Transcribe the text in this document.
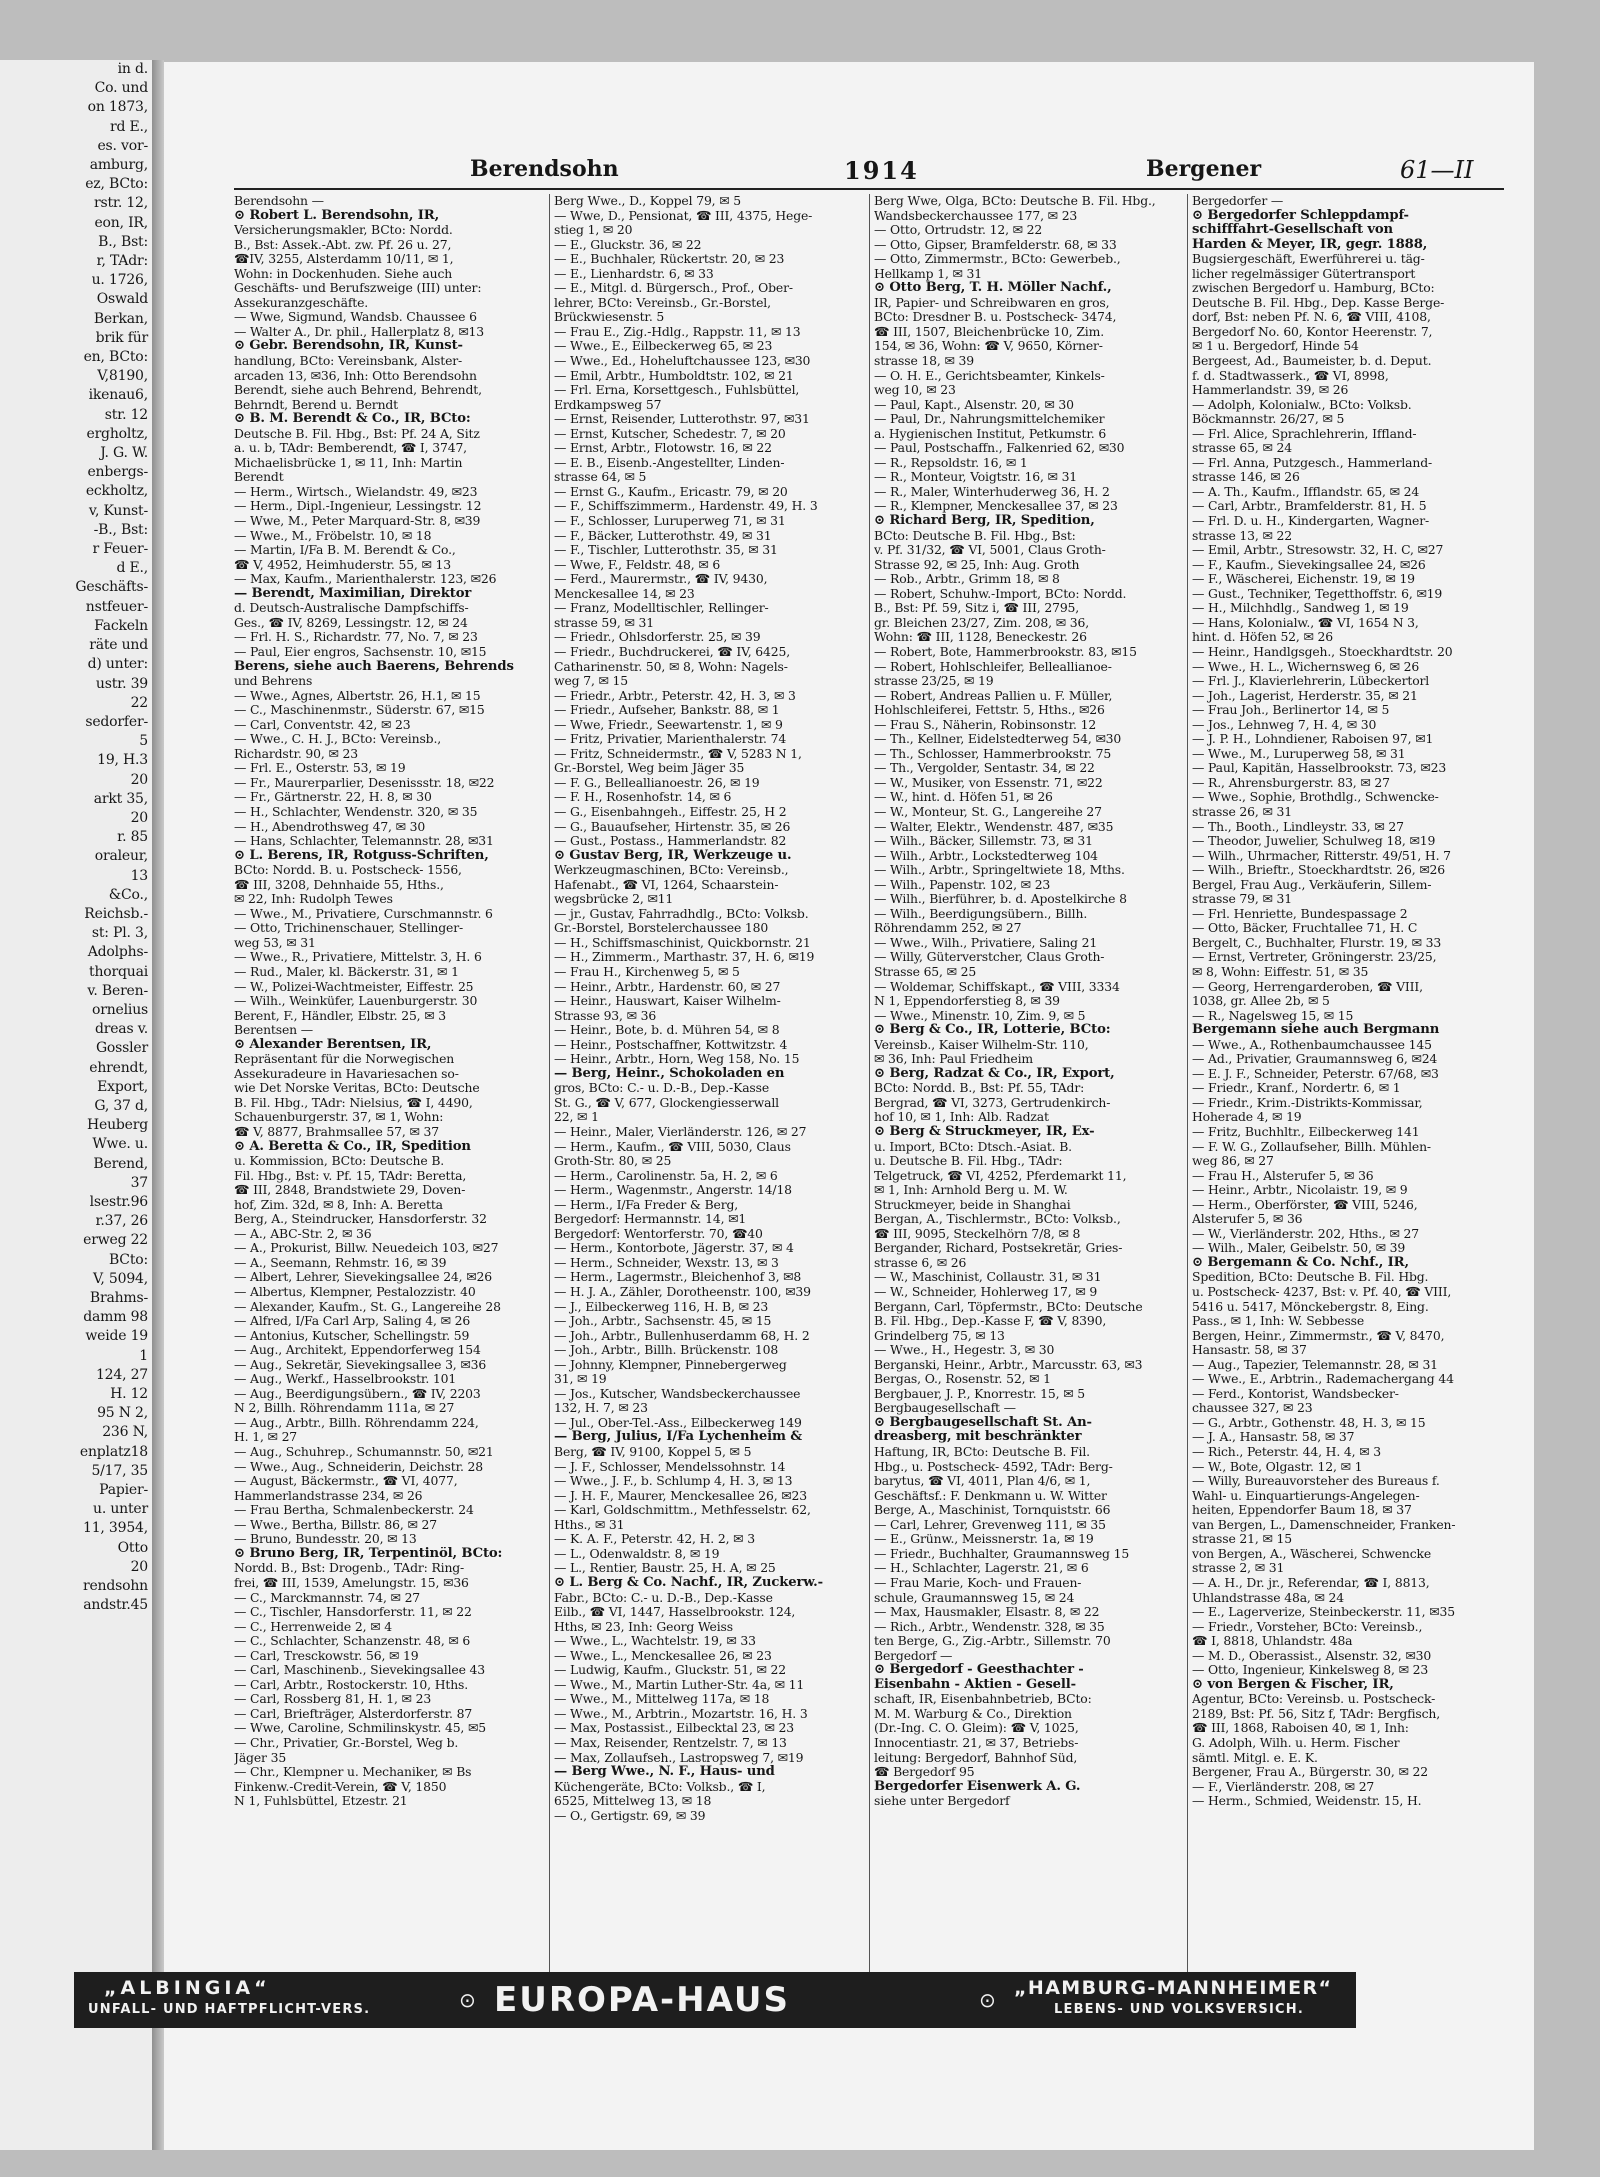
in d.
Co. und
on 1873,
rd E.,
es. vor-
amburg,
ez, BCto:
rstr. 12,
eon, IR,
B., Bst:
r, TAdr:
u. 1726,
Oswald
Berkan,
brik für
en, BCto:
V,8190,
ikenau6,
str. 12
ergholtz,
J. G. W.
enbergs-
eckholtz,
v, Kunst-
-B., Bst:
r Feuer-
d E.,
Geschäfts-
nstfeuer-
Fackeln
räte und
d) unter:
ustr. 39
22
sedorfer-
5
19, H.3
20
arkt 35,
20
r. 85
oraleur,
13
&Co.,
Reichsb.-
st: Pl. 3,
Adolphs-
thorquai
v. Beren-
ornelius
dreas v.
Gossler
ehrendt,
Export,
G, 37 d,
Heuberg
Wwe. u.
Berend,
37
lsestr.96
r.37, 26
erweg 22
BCto:
V, 5094,
Brahms-
damm 98
weide 19
1
124, 27
H. 12
95 N 2,
236 N,
enplatz18
5/17, 35
Papier-
u. unter
11, 3954,
Otto
20
rendsohn
andstr.45
Berendsohn	1914	Bergener	61—II
Berendsohn —
⊙ Robert L. Berendsohn, IR,
Versicherungsmakler, BCto: Nordd.
B., Bst: Assek.-Abt. zw. Pf. 26 u. 27,
☎IV, 3255, Alsterdamm 10/11, ✉ 1,
Wohn: in Dockenhuden. Siehe auch
Geschäfts- und Berufszweige (III) unter:
Assekuranzgeschäfte.
— Wwe, Sigmund, Wandsb. Chaussee 6
— Walter A., Dr. phil., Hallerplatz 8, ✉13
⊙ Gebr. Berendsohn, IR, Kunst-
handlung, BCto: Vereinsbank, Alster-
arcaden 13, ✉36, Inh: Otto Berendsohn
Berendt, siehe auch Behrend, Behrendt,
Behrndt, Berend u. Berndt
⊙ B. M. Berendt & Co., IR, BCto:
Deutsche B. Fil. Hbg., Bst: Pf. 24 A, Sitz
a. u. b, TAdr: Bemberendt, ☎ I, 3747,
Michaelisbrücke 1, ✉ 11, Inh: Martin
Berendt
— Herm., Wirtsch., Wielandstr. 49, ✉23
— Herm., Dipl.-Ingenieur, Lessingstr. 12
— Wwe, M., Peter Marquard-Str. 8, ✉39
— Wwe., M., Fröbelstr. 10, ✉ 18
— Martin, I/Fa B. M. Berendt & Co.,
☎ V, 4952, Heimhuderstr. 55, ✉ 13
— Max, Kaufm., Marienthalerstr. 123, ✉26
— Berendt, Maximilian, Direktor
d. Deutsch-Australische Dampfschiffs-
Ges., ☎ IV, 8269, Lessingstr. 12, ✉ 24
— Frl. H. S., Richardstr. 77, No. 7, ✉ 23
— Paul, Eier engros, Sachsenstr. 10, ✉15
Berens, siehe auch Baerens, Behrends
und Behrens
— Wwe., Agnes, Albertstr. 26, H.1, ✉ 15
— C., Maschinenmstr., Süderstr. 67, ✉15
— Carl, Conventstr. 42, ✉ 23
— Wwe., C. H. J., BCto: Vereinsb.,
Richardstr. 90, ✉ 23
— Frl. E., Osterstr. 53, ✉ 19
— Fr., Maurerparlier, Desenissstr. 18, ✉22
— Fr., Gärtnerstr. 22, H. 8, ✉ 30
— H., Schlachter, Wendenstr. 320, ✉ 35
— H., Abendrothsweg 47, ✉ 30
— Hans, Schlachter, Telemannstr. 28, ✉31
⊙ L. Berens, IR, Rotguss-Schriften,
BCto: Nordd. B. u. Postscheck- 1556,
☎ III, 3208, Dehnhaide 55, Hths.,
✉ 22, Inh: Rudolph Tewes
— Wwe., M., Privatiere, Curschmannstr. 6
— Otto, Trichinenschauer, Stellinger-
weg 53, ✉ 31
— Wwe., R., Privatiere, Mittelstr. 3, H. 6
— Rud., Maler, kl. Bäckerstr. 31, ✉ 1
— W., Polizei-Wachtmeister, Eiffestr. 25
— Wilh., Weinküfer, Lauenburgerstr. 30
Berent, F., Händler, Elbstr. 25, ✉ 3
Berentsen —
⊙ Alexander Berentsen, IR,
Repräsentant für die Norwegischen
Assekuradeure in Havariesachen so-
wie Det Norske Veritas, BCto: Deutsche
B. Fil. Hbg., TAdr: Nielsius, ☎ I, 4490,
Schauenburgerstr. 37, ✉ 1, Wohn:
☎ V, 8877, Brahmsallee 57, ✉ 37
⊙ A. Beretta & Co., IR, Spedition
u. Kommission, BCto: Deutsche B.
Fil. Hbg., Bst: v. Pf. 15, TAdr: Beretta,
☎ III, 2848, Brandstwiete 29, Doven-
hof, Zim. 32d, ✉ 8, Inh: A. Beretta
Berg, A., Steindrucker, Hansdorferstr. 32
— A., ABC-Str. 2, ✉ 36
— A., Prokurist, Billw. Neuedeich 103, ✉27
— A., Seemann, Rehmstr. 16, ✉ 39
— Albert, Lehrer, Sievekingsallee 24, ✉26
— Albertus, Klempner, Pestalozzistr. 40
— Alexander, Kaufm., St. G., Langereihe 28
— Alfred, I/Fa Carl Arp, Saling 4, ✉ 26
— Antonius, Kutscher, Schellingstr. 59
— Aug., Architekt, Eppendorferweg 154
— Aug., Sekretär, Sievekingsallee 3, ✉36
— Aug., Werkf., Hasselbrookstr. 101
— Aug., Beerdigungsübern., ☎ IV, 2203
N 2, Billh. Röhrendamm 111a, ✉ 27
— Aug., Arbtr., Billh. Röhrendamm 224,
H. 1, ✉ 27
— Aug., Schuhrep., Schumannstr. 50, ✉21
— Wwe., Aug., Schneiderin, Deichstr. 28
— August, Bäckermstr., ☎ VI, 4077,
Hammerlandstrasse 234, ✉ 26
— Frau Bertha, Schmalenbeckerstr. 24
— Wwe., Bertha, Billstr. 86, ✉ 27
— Bruno, Bundesstr. 20, ✉ 13
⊙ Bruno Berg, IR, Terpentinöl, BCto:
Nordd. B., Bst: Drogenb., TAdr: Ring-
frei, ☎ III, 1539, Amelungstr. 15, ✉36
— C., Marckmannstr. 74, ✉ 27
— C., Tischler, Hansdorferstr. 11, ✉ 22
— C., Herrenweide 2, ✉ 4
— C., Schlachter, Schanzenstr. 48, ✉ 6
— Carl, Tresckowstr. 56, ✉ 19
— Carl, Maschinenb., Sievekingsallee 43
— Carl, Arbtr., Rostockerstr. 10, Hths.
— Carl, Rossberg 81, H. 1, ✉ 23
— Carl, Briefträger, Alsterdorferstr. 87
— Wwe, Caroline, Schmilinskystr. 45, ✉5
— Chr., Privatier, Gr.-Borstel, Weg b.
Jäger 35
— Chr., Klempner u. Mechaniker, ✉ Bs
Finkenw.-Credit-Verein, ☎ V, 1850
N 1, Fuhlsbüttel, Etzestr. 21
Berg Wwe., D., Koppel 79, ✉ 5
— Wwe, D., Pensionat, ☎ III, 4375, Hege-
stieg 1, ✉ 20
— E., Gluckstr. 36, ✉ 22
— E., Buchhaler, Rückertstr. 20, ✉ 23
— E., Lienhardstr. 6, ✉ 33
— E., Mitgl. d. Bürgersch., Prof., Ober-
lehrer, BCto: Vereinsb., Gr.-Borstel,
Brückwiesenstr. 5
— Frau E., Zig.-Hdlg., Rappstr. 11, ✉ 13
— Wwe., E., Eilbeckerweg 65, ✉ 23
— Wwe., Ed., Hoheluftchaussee 123, ✉30
— Emil, Arbtr., Humboldtstr. 102, ✉ 21
— Frl. Erna, Korsettgesch., Fuhlsbüttel,
Erdkampsweg 57
— Ernst, Reisender, Lutterothstr. 97, ✉31
— Ernst, Kutscher, Schedestr. 7, ✉ 20
— Ernst, Arbtr., Flotowstr. 16, ✉ 22
— E. B., Eisenb.-Angestellter, Linden-
strasse 64, ✉ 5
— Ernst G., Kaufm., Ericastr. 79, ✉ 20
— F., Schiffszimmerm., Hardenstr. 49, H. 3
— F., Schlosser, Luruperweg 71, ✉ 31
— F., Bäcker, Lutterothstr. 49, ✉ 31
— F., Tischler, Lutterothstr. 35, ✉ 31
— Wwe, F., Feldstr. 48, ✉ 6
— Ferd., Maurermstr., ☎ IV, 9430,
Menckesallee 14, ✉ 23
— Franz, Modelltischler, Rellinger-
strasse 59, ✉ 31
— Friedr., Ohlsdorferstr. 25, ✉ 39
— Friedr., Buchdruckerei, ☎ IV, 6425,
Catharinenstr. 50, ✉ 8, Wohn: Nagels-
weg 7, ✉ 15
— Friedr., Arbtr., Peterstr. 42, H. 3, ✉ 3
— Friedr., Aufseher, Bankstr. 88, ✉ 1
— Wwe, Friedr., Seewartenstr. 1, ✉ 9
— Fritz, Privatier, Marienthalerstr. 74
— Fritz, Schneidermstr., ☎ V, 5283 N 1,
Gr.-Borstel, Weg beim Jäger 35
— F. G., Belleallianoestr. 26, ✉ 19
— F. H., Rosenhofstr. 14, ✉ 6
— G., Eisenbahngeh., Eiffestr. 25, H 2
— G., Bauaufseher, Hirtenstr. 35, ✉ 26
— Gust., Postass., Hammerlandstr. 82
⊙ Gustav Berg, IR, Werkzeuge u.
Werkzeugmaschinen, BCto: Vereinsb.,
Hafenabt., ☎ VI, 1264, Schaarstein-
wegsbrücke 2, ✉11
— jr., Gustav, Fahrradhdlg., BCto: Volksb.
Gr.-Borstel, Borstelerchaussee 180
— H., Schiffsmaschinist, Quickbornstr. 21
— H., Zimmerm., Marthastr. 37, H. 6, ✉19
— Frau H., Kirchenweg 5, ✉ 5
— Heinr., Arbtr., Hardenstr. 60, ✉ 27
— Heinr., Hauswart, Kaiser Wilhelm-
Strasse 93, ✉ 36
— Heinr., Bote, b. d. Mühren 54, ✉ 8
— Heinr., Postschaffner, Kottwitzstr. 4
— Heinr., Arbtr., Horn, Weg 158, No. 15
— Berg, Heinr., Schokoladen en
gros, BCto: C.- u. D.-B., Dep.-Kasse
St. G., ☎ V, 677, Glockengiesserwall
22, ✉ 1
— Heinr., Maler, Vierländerstr. 126, ✉ 27
— Herm., Kaufm., ☎ VIII, 5030, Claus
Groth-Str. 80, ✉ 25
— Herm., Carolinenstr. 5a, H. 2, ✉ 6
— Herm., Wagenmstr., Angerstr. 14/18
— Herm., I/Fa Freder & Berg,
Bergedorf: Hermannstr. 14, ✉1
Bergedorf: Wentorferstr. 70, ☎40
— Herm., Kontorbote, Jägerstr. 37, ✉ 4
— Herm., Schneider, Wexstr. 13, ✉ 3
— Herm., Lagermstr., Bleichenhof 3, ✉8
— H. J. A., Zähler, Dorotheenstr. 100, ✉39
— J., Eilbeckerweg 116, H. B, ✉ 23
— Joh., Arbtr., Sachsenstr. 45, ✉ 15
— Joh., Arbtr., Bullenhuserdamm 68, H. 2
— Joh., Arbtr., Billh. Brückenstr. 108
— Johnny, Klempner, Pinnebergerweg
31, ✉ 19
— Jos., Kutscher, Wandsbeckerchaussee
132, H. 7, ✉ 23
— Jul., Ober-Tel.-Ass., Eilbeckerweg 149
— Berg, Julius, I/Fa Lychenheim &
Berg, ☎ IV, 9100, Koppel 5, ✉ 5
— J. F., Schlosser, Mendelssohnstr. 14
— Wwe., J. F., b. Schlump 4, H. 3, ✉ 13
— J. H. F., Maurer, Menckesallee 26, ✉23
— Karl, Goldschmittm., Methfesselstr. 62,
Hths., ✉ 31
— K. A. F., Peterstr. 42, H. 2, ✉ 3
— L., Odenwaldstr. 8, ✉ 19
— L., Rentier, Baustr. 25, H. A, ✉ 25
⊙ L. Berg & Co. Nachf., IR, Zuckerw.-
Fabr., BCto: C.- u. D.-B., Dep.-Kasse
Eilb., ☎ VI, 1447, Hasselbrookstr. 124,
Hths, ✉ 23, Inh: Georg Weiss
— Wwe., L., Wachtelstr. 19, ✉ 33
— Wwe., L., Menckesallee 26, ✉ 23
— Ludwig, Kaufm., Gluckstr. 51, ✉ 22
— Wwe., M., Martin Luther-Str. 4a, ✉ 11
— Wwe., M., Mittelweg 117a, ✉ 18
— Wwe., M., Arbtrin., Mozartstr. 16, H. 3
— Max, Postassist., Eilbecktal 23, ✉ 23
— Max, Reisender, Rentzelstr. 7, ✉ 13
— Max, Zollaufseh., Lastropsweg 7, ✉19
— Berg Wwe., N. F., Haus- und
Küchengeräte, BCto: Volksb., ☎ I,
6525, Mittelweg 13, ✉ 18
— O., Gertigstr. 69, ✉ 39
Berg Wwe, Olga, BCto: Deutsche B. Fil. Hbg.,
Wandsbeckerchaussee 177, ✉ 23
— Otto, Ortrudstr. 12, ✉ 22
— Otto, Gipser, Bramfelderstr. 68, ✉ 33
— Otto, Zimmermstr., BCto: Gewerbeb.,
Hellkamp 1, ✉ 31
⊙ Otto Berg, T. H. Möller Nachf.,
IR, Papier- und Schreibwaren en gros,
BCto: Dresdner B. u. Postscheck- 3474,
☎ III, 1507, Bleichenbrücke 10, Zim.
154, ✉ 36, Wohn: ☎ V, 9650, Körner-
strasse 18, ✉ 39
— O. H. E., Gerichtsbeamter, Kinkels-
weg 10, ✉ 23
— Paul, Kapt., Alsenstr. 20, ✉ 30
— Paul, Dr., Nahrungsmittelchemiker
a. Hygienischen Institut, Petkumstr. 6
— Paul, Postschaffn., Falkenried 62, ✉30
— R., Repsoldstr. 16, ✉ 1
— R., Monteur, Voigtstr. 16, ✉ 31
— R., Maler, Winterhuderweg 36, H. 2
— R., Klempner, Menckesallee 37, ✉ 23
⊙ Richard Berg, IR, Spedition,
BCto: Deutsche B. Fil. Hbg., Bst:
v. Pf. 31/32, ☎ VI, 5001, Claus Groth-
Strasse 92, ✉ 25, Inh: Aug. Groth
— Rob., Arbtr., Grimm 18, ✉ 8
— Robert, Schuhw.-Import, BCto: Nordd.
B., Bst: Pf. 59, Sitz i, ☎ III, 2795,
gr. Bleichen 23/27, Zim. 208, ✉ 36,
Wohn: ☎ III, 1128, Beneckestr. 26
— Robert, Bote, Hammerbrookstr. 83, ✉15
— Robert, Hohlschleifer, Belleallianoe-
strasse 23/25, ✉ 19
— Robert, Andreas Pallien u. F. Müller,
Hohlschleiferei, Fettstr. 5, Hths., ✉26
— Frau S., Näherin, Robinsonstr. 12
— Th., Kellner, Eidelstedterweg 54, ✉30
— Th., Schlosser, Hammerbrookstr. 75
— Th., Vergolder, Sentastr. 34, ✉ 22
— W., Musiker, von Essenstr. 71, ✉22
— W., hint. d. Höfen 51, ✉ 26
— W., Monteur, St. G., Langereihe 27
— Walter, Elektr., Wendenstr. 487, ✉35
— Wilh., Bäcker, Sillemstr. 73, ✉ 31
— Wilh., Arbtr., Lockstedterweg 104
— Wilh., Arbtr., Springeltwiete 18, Mths.
— Wilh., Papenstr. 102, ✉ 23
— Wilh., Bierführer, b. d. Apostelkirche 8
— Wilh., Beerdigungsübern., Billh.
Röhrendamm 252, ✉ 27
— Wwe., Wilh., Privatiere, Saling 21
— Willy, Güterverstcher, Claus Groth-
Strasse 65, ✉ 25
— Woldemar, Schiffskapt., ☎ VIII, 3334
N 1, Eppendorferstieg 8, ✉ 39
— Wwe., Minenstr. 10, Zim. 9, ✉ 5
⊙ Berg & Co., IR, Lotterie, BCto:
Vereinsb., Kaiser Wilhelm-Str. 110,
✉ 36, Inh: Paul Friedheim
⊙ Berg, Radzat & Co., IR, Export,
BCto: Nordd. B., Bst: Pf. 55, TAdr:
Bergrad, ☎ VI, 3273, Gertrudenkirch-
hof 10, ✉ 1, Inh: Alb. Radzat
⊙ Berg & Struckmeyer, IR, Ex-
u. Import, BCto: Dtsch.-Asiat. B.
u. Deutsche B. Fil. Hbg., TAdr:
Telgetruck, ☎ VI, 4252, Pferdemarkt 11,
✉ 1, Inh: Arnhold Berg u. M. W.
Struckmeyer, beide in Shanghai
Bergan, A., Tischlermstr., BCto: Volksb.,
☎ III, 9095, Steckelhörn 7/8, ✉ 8
Bergander, Richard, Postsekretär, Gries-
strasse 6, ✉ 26
— W., Maschinist, Collaustr. 31, ✉ 31
— W., Schneider, Hohlerweg 17, ✉ 9
Bergann, Carl, Töpfermstr., BCto: Deutsche
B. Fil. Hbg., Dep.-Kasse F, ☎ V, 8390,
Grindelberg 75, ✉ 13
— Wwe., H., Hegestr. 3, ✉ 30
Berganski, Heinr., Arbtr., Marcusstr. 63, ✉3
Bergas, O., Rosenstr. 52, ✉ 1
Bergbauer, J. P., Knorrestr. 15, ✉ 5
Bergbaugesellschaft —
⊙ Bergbaugesellschaft St. An-
dreasberg, mit beschränkter
Haftung, IR, BCto: Deutsche B. Fil.
Hbg., u. Postscheck- 4592, TAdr: Berg-
barytus, ☎ VI, 4011, Plan 4/6, ✉ 1,
Geschäftsf.: F. Denkmann u. W. Witter
Berge, A., Maschinist, Tornquiststr. 66
— Carl, Lehrer, Grevenweg 111, ✉ 35
— E., Grünw., Meissnerstr. 1a, ✉ 19
— Friedr., Buchhalter, Graumannsweg 15
— H., Schlachter, Lagerstr. 21, ✉ 6
— Frau Marie, Koch- und Frauen-
schule, Graumannsweg 15, ✉ 24
— Max, Hausmakler, Elsastr. 8, ✉ 22
— Rich., Arbtr., Wendenstr. 328, ✉ 35
ten Berge, G., Zig.-Arbtr., Sillemstr. 70
Bergedorf —
⊙ Bergedorf - Geesthachter -
Eisenbahn - Aktien - Gesell-
schaft, IR, Eisenbahnbetrieb, BCto:
M. M. Warburg & Co., Direktion
(Dr.-Ing. C. O. Gleim): ☎ V, 1025,
Innocentiastr. 21, ✉ 37, Betriebs-
leitung: Bergedorf, Bahnhof Süd,
☎ Bergedorf 95
Bergedorfer Eisenwerk A. G.
siehe unter Bergedorf
Bergedorfer —
⊙ Bergedorfer Schleppdampf-
schifffahrt-Gesellschaft von
Harden & Meyer, IR, gegr. 1888,
Bugsiergeschäft, Ewerführerei u. täg-
licher regelmässiger Gütertransport
zwischen Bergedorf u. Hamburg, BCto:
Deutsche B. Fil. Hbg., Dep. Kasse Berge-
dorf, Bst: neben Pf. N. 6, ☎ VIII, 4108,
Bergedorf No. 60, Kontor Heerenstr. 7,
✉ 1 u. Bergedorf, Hinde 54
Bergeest, Ad., Baumeister, b. d. Deput.
f. d. Stadtwasserk., ☎ VI, 8998,
Hammerlandstr. 39, ✉ 26
— Adolph, Kolonialw., BCto: Volksb.
Böckmannstr. 26/27, ✉ 5
— Frl. Alice, Sprachlehrerin, Iffland-
strasse 65, ✉ 24
— Frl. Anna, Putzgesch., Hammerland-
strasse 146, ✉ 26
— A. Th., Kaufm., Ifflandstr. 65, ✉ 24
— Carl, Arbtr., Bramfelderstr. 81, H. 5
— Frl. D. u. H., Kindergarten, Wagner-
strasse 13, ✉ 22
— Emil, Arbtr., Stresowstr. 32, H. C, ✉27
— F., Kaufm., Sievekingsallee 24, ✉26
— F., Wäscherei, Eichenstr. 19, ✉ 19
— Gust., Techniker, Tegetthoffstr. 6, ✉19
— H., Milchhdlg., Sandweg 1, ✉ 19
— Hans, Kolonialw., ☎ VI, 1654 N 3,
hint. d. Höfen 52, ✉ 26
— Heinr., Handlgsgeh., Stoeckhardtstr. 20
— Wwe., H. L., Wichernsweg 6, ✉ 26
— Frl. J., Klavierlehrerin, Lübeckertorl
— Joh., Lagerist, Herderstr. 35, ✉ 21
— Frau Joh., Berlinertor 14, ✉ 5
— Jos., Lehnweg 7, H. 4, ✉ 30
— J. P. H., Lohndiener, Raboisen 97, ✉1
— Wwe., M., Luruperweg 58, ✉ 31
— Paul, Kapitän, Hasselbrookstr. 73, ✉23
— R., Ahrensburgerstr. 83, ✉ 27
— Wwe., Sophie, Brothdlg., Schwencke-
strasse 26, ✉ 31
— Th., Booth., Lindleystr. 33, ✉ 27
— Theodor, Juwelier, Schulweg 18, ✉19
— Wilh., Uhrmacher, Ritterstr. 49/51, H. 7
— Wilh., Brieftr., Stoeckhardtstr. 26, ✉26
Bergel, Frau Aug., Verkäuferin, Sillem-
strasse 79, ✉ 31
— Frl. Henriette, Bundespassage 2
— Otto, Bäcker, Fruchtallee 71, H. C
Bergelt, C., Buchhalter, Flurstr. 19, ✉ 33
— Ernst, Vertreter, Gröningerstr. 23/25,
✉ 8, Wohn: Eiffestr. 51, ✉ 35
— Georg, Herrengarderoben, ☎ VIII,
1038, gr. Allee 2b, ✉ 5
— R., Nagelsweg 15, ✉ 15
Bergemann siehe auch Bergmann
— Wwe., A., Rothenbaumchaussee 145
— Ad., Privatier, Graumannsweg 6, ✉24
— E. J. F., Schneider, Peterstr. 67/68, ✉3
— Friedr., Kranf., Nordertr. 6, ✉ 1
— Friedr., Krim.-Distrikts-Kommissar,
Hoherade 4, ✉ 19
— Fritz, Buchhltr., Eilbeckerweg 141
— F. W. G., Zollaufseher, Billh. Mühlen-
weg 86, ✉ 27
— Frau H., Alsterufer 5, ✉ 36
— Heinr., Arbtr., Nicolaistr. 19, ✉ 9
— Herm., Oberförster, ☎ VIII, 5246,
Alsterufer 5, ✉ 36
— W., Vierländerstr. 202, Hths., ✉ 27
— Wilh., Maler, Geibelstr. 50, ✉ 39
⊙ Bergemann & Co. Nchf., IR,
Spedition, BCto: Deutsche B. Fil. Hbg.
u. Postscheck- 4237, Bst: v. Pf. 40, ☎ VIII,
5416 u. 5417, Mönckebergstr. 8, Eing.
Pass., ✉ 1, Inh: W. Sebbesse
Bergen, Heinr., Zimmermstr., ☎ V, 8470,
Hansastr. 58, ✉ 37
— Aug., Tapezier, Telemannstr. 28, ✉ 31
— Wwe., E., Arbtrin., Rademachergang 44
— Ferd., Kontorist, Wandsbecker-
chaussee 327, ✉ 23
— G., Arbtr., Gothenstr. 48, H. 3, ✉ 15
— J. A., Hansastr. 58, ✉ 37
— Rich., Peterstr. 44, H. 4, ✉ 3
— W., Bote, Olgastr. 12, ✉ 1
— Willy, Bureauvorsteher des Bureaus f.
Wahl- u. Einquartierungs-Angelegen-
heiten, Eppendorfer Baum 18, ✉ 37
van Bergen, L., Damenschneider, Franken-
strasse 21, ✉ 15
von Bergen, A., Wäscherei, Schwencke
strasse 2, ✉ 31
— A. H., Dr. jr., Referendar, ☎ I, 8813,
Uhlandstrasse 48a, ✉ 24
— E., Lagerverize, Steinbeckerstr. 11, ✉35
— Friedr., Vorsteher, BCto: Vereinsb.,
☎ I, 8818, Uhlandstr. 48a
— M. D., Oberassist., Alsenstr. 32, ✉30
— Otto, Ingenieur, Kinkelsweg 8, ✉ 23
⊙ von Bergen & Fischer, IR,
Agentur, BCto: Vereinsb. u. Postscheck-
2189, Bst: Pf. 56, Sitz f, TAdr: Bergfisch,
☎ III, 1868, Raboisen 40, ✉ 1, Inh:
G. Adolph, Wilh. u. Herm. Fischer
sämtl. Mitgl. e. E. K.
Bergener, Frau A., Bürgerstr. 30, ✉ 22
— F., Vierländerstr. 208, ✉ 27
— Herm., Schmied, Weidenstr. 15, H.
„ALBINGIA“
UNFALL- UND HAFTPFLICHT-VERS.	⊙ EUROPA-HAUS	⊙ „HAMBURG-MANNHEIMER“
LEBENS- UND VOLKSVERSICH.
